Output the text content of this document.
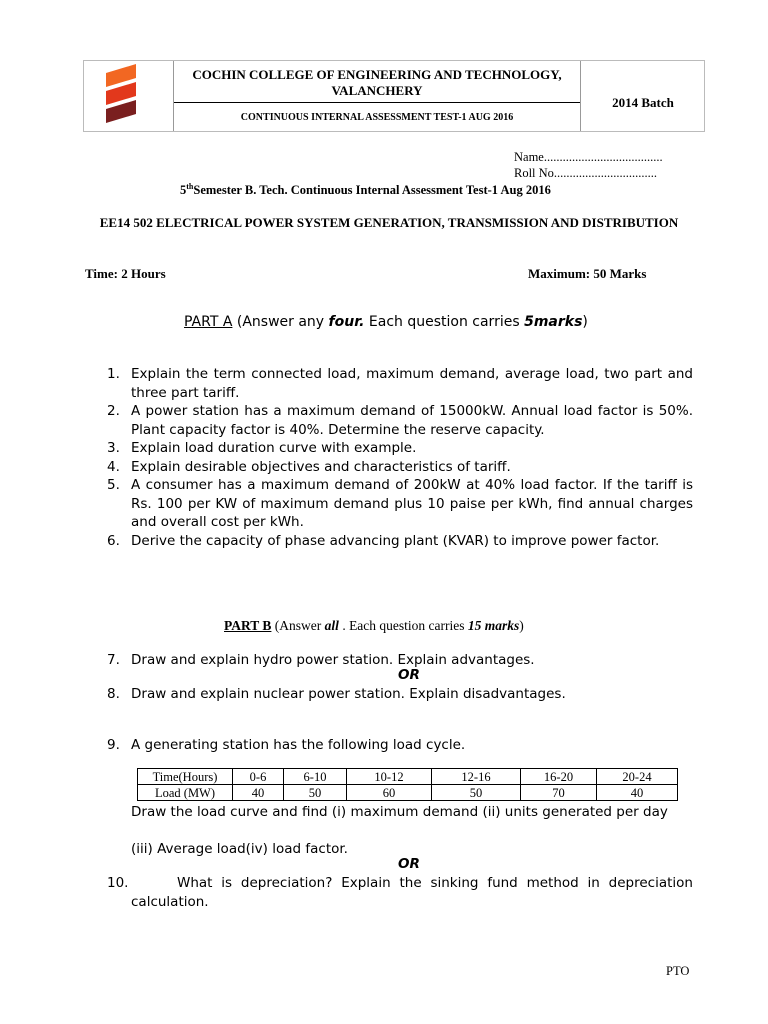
COCHIN COLLEGE OF ENGINEERING AND TECHNOLOGY, VALANCHERY
CONTINUOUS INTERNAL ASSESSMENT TEST-1 AUG 2016
2014 Batch
Name......................................
Roll No.................................
5thSemester B. Tech. Continuous Internal Assessment Test-1 Aug 2016
EE14 502 ELECTRICAL POWER SYSTEM GENERATION, TRANSMISSION AND DISTRIBUTION
Time: 2 Hours	Maximum: 50 Marks
PART A (Answer any four. Each question carries 5marks)
1. Explain the term connected load, maximum demand, average load, two part and three part tariff.
2. A power station has a maximum demand of 15000kW. Annual load factor is 50%. Plant capacity factor is 40%. Determine the reserve capacity.
3. Explain load duration curve with example.
4. Explain desirable objectives and characteristics of tariff.
5. A consumer has a maximum demand of 200kW at 40% load factor. If the tariff is Rs. 100 per KW of maximum demand plus 10 paise per kWh, find annual charges and overall cost per kWh.
6. Derive the capacity of phase advancing plant (KVAR) to improve power factor.
PART B (Answer all . Each question carries 15 marks)
7. Draw and explain hydro power station. Explain advantages.
OR
8. Draw and explain nuclear power station. Explain disadvantages.
9. A generating station has the following load cycle.
Time(Hours)	0-6	6-10	10-12	12-16	16-20	20-24
Load (MW)	40	50	60	50	70	40
Draw the load curve and find (i) maximum demand (ii) units generated per day
(iii) Average load(iv) load factor.
OR
10.	What is depreciation? Explain the sinking fund method in depreciation calculation.
PTO
